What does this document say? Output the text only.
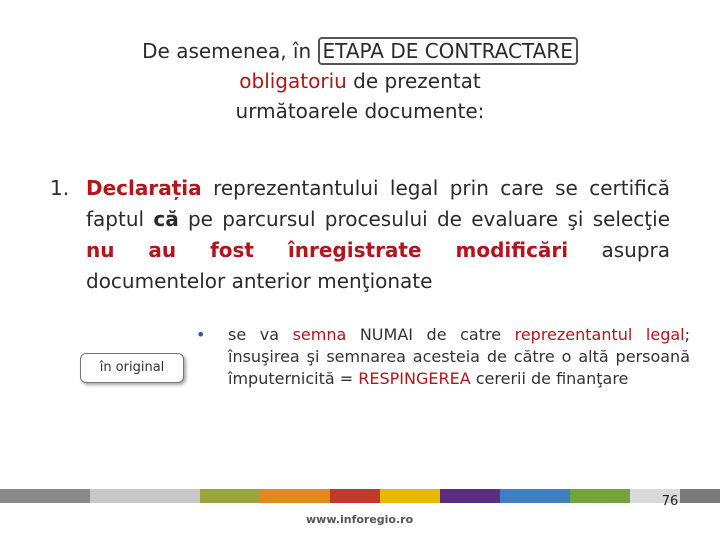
De asemenea, în ETAPA DE CONTRACTARE
obligatoriu de prezentat
următoarele documente:
1. Declarația reprezentantului legal prin care se certifică faptul că pe parcursul procesului de evaluare şi selecţie nu au fost înregistrate modificări asupra documentelor anterior menţionate
în original
• se va semna NUMAI de catre reprezentantul legal; însuşirea şi semnarea acesteia de către o altă persoană împuternicită = RESPINGEREA cererii de finanţare
76
www.inforegio.ro
